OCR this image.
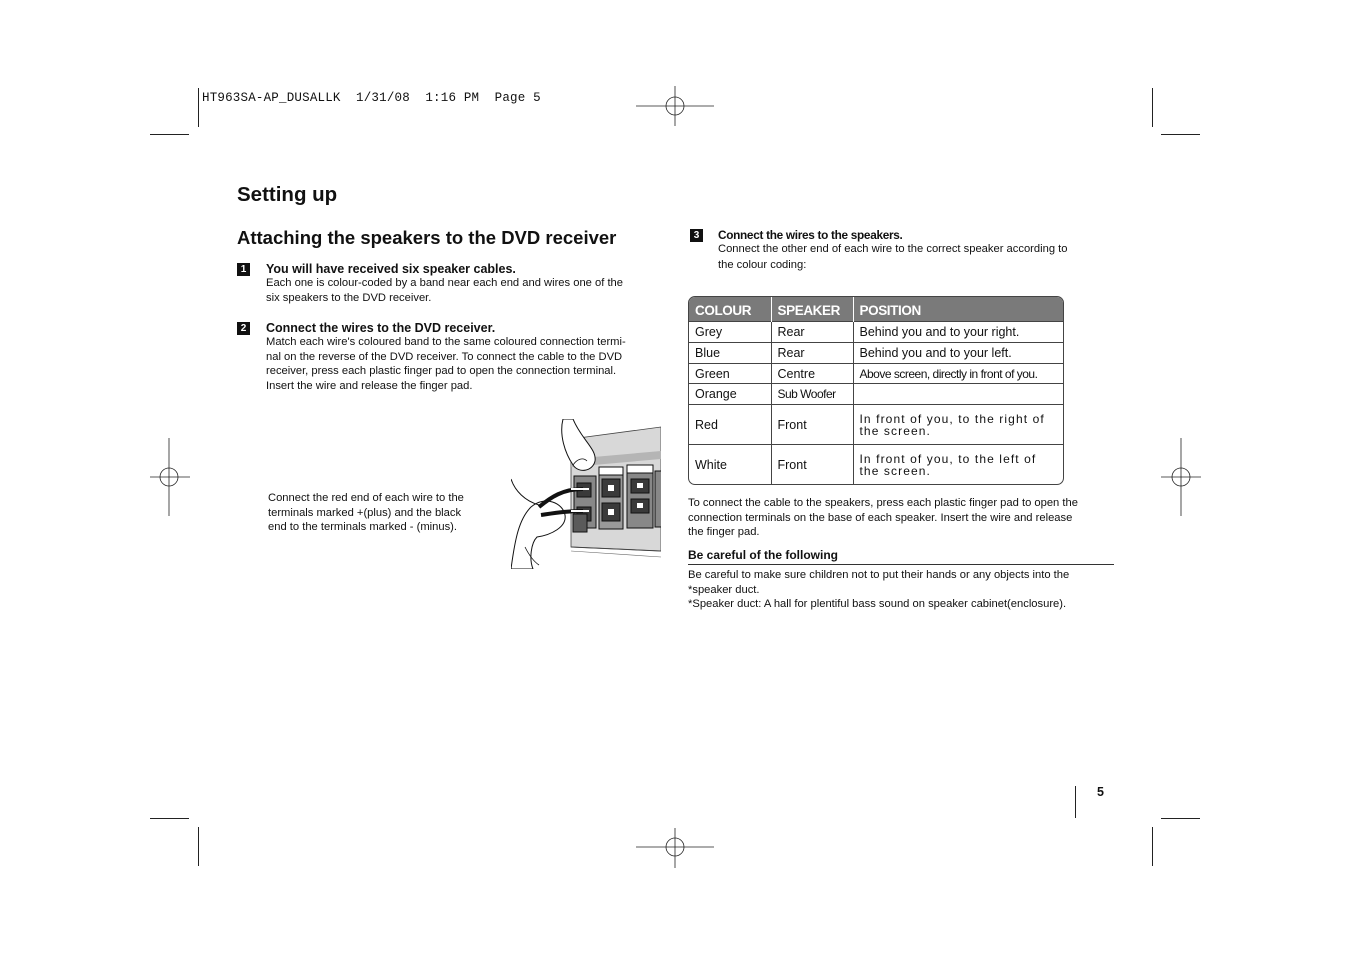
HT963SA-AP_DUSALLK  1/31/08  1:16 PM  Page 5
Setting up
Attaching the speakers to the DVD receiver
1 You will have received six speaker cables.
Each one is colour-coded by a band near each end and wires one of the
six speakers to the DVD receiver.
2 Connect the wires to the DVD receiver.
Match each wire's coloured band to the same coloured connection termi-
nal on the reverse of the DVD receiver. To connect the cable to the DVD
receiver, press each plastic finger pad to open the connection terminal.
Insert the wire and release the finger pad.
Connect the red end of each wire to the
terminals marked +(plus) and the black
end to the terminals marked - (minus).
3	Connect the wires to the speakers.
Connect the other end of each wire to the correct speaker according to
the colour coding:
COLOUR	SPEAKER	POSITION
Grey	Rear	Behind you and to your right.
Blue	Rear	Behind you and to your left.
Green	Centre	Above screen, directly in front of you.
Orange	Sub Woofer	
Red	Front	In front of you, to the right of
the screen.

White	Front	In front of you, to the left of
the screen.
To connect the cable to the speakers, press each plastic finger pad to open the
connection terminals on the base of each speaker. Insert the wire and release
the finger pad.
Be careful of the following
Be careful to make sure children not to put their hands or any objects into the
*speaker duct.
*Speaker duct: A hall for plentiful bass sound on speaker cabinet(enclosure).
5
